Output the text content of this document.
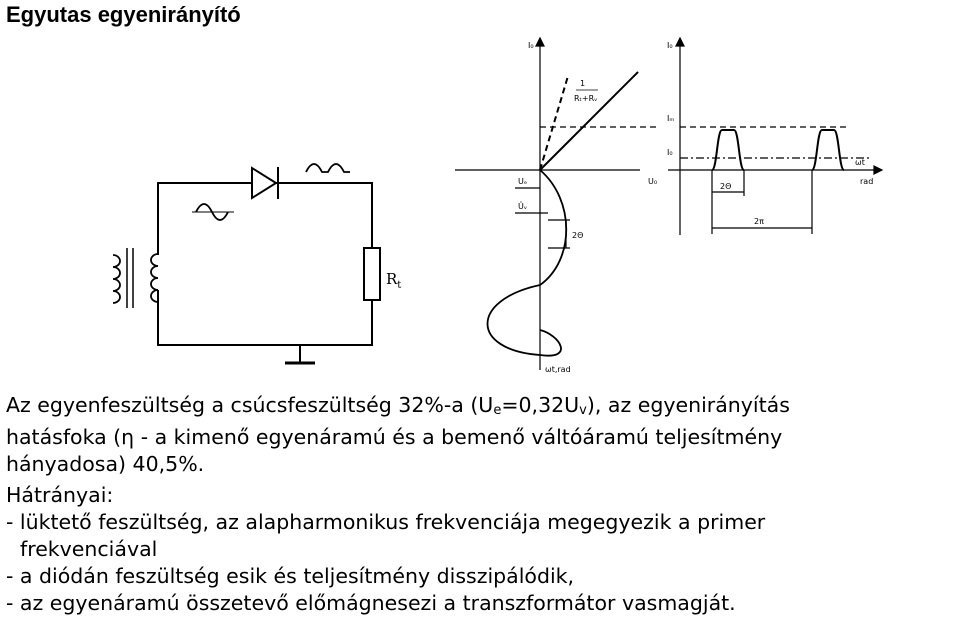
Egyutas egyenirányító
$R_t$
I₀
1
Rₜ+Rᵥ
Uₑ
Ûᵥ
2Θ
ωt,rad
I₀
Iₘ
I₀
U₀
ωt
rad
2Θ
2π
Az egyenfeszültség a csúcsfeszültség 32%-a $(U_e=0,32U_v)$, az egyenirányítás
hatásfoka (η - a kimenő egyenáramú és a bemenő váltóáramú teljesítmény
hányadosa) 40,5%.
Hátrányai:
- lüktető feszültség, az alapharmonikus frekvenciája megegyezik a primer
frekvenciával
- a diódán feszültség esik és teljesítmény disszipálódik,
- az egyenáramú összetevő előmágnesezi a transzformátor vasmagját.
